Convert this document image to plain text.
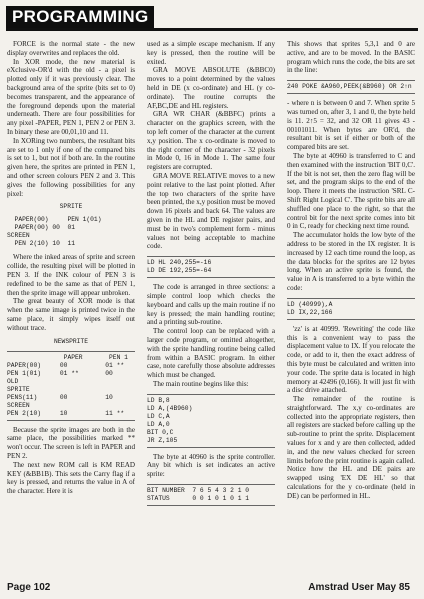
PROGRAMMING

FORCE is the normal state - the new display overwrites and replaces the old.

In XOR mode, the new material is eXclusive-OR'd with the old - a pixel is plotted only if it was previously clear. The background area of the sprite (bits set to 0) becomes transparent, and the appearance of the foreground depends upon the material underneath. There are four possibilities for any pixel -PAPER, PEN 1, PEN 2 or PEN 3. In binary these are 00,01,10 and 11.

In XORing two numbers, the resultant bits are set to 1 only if one of the compared bits is set to 1, but not if both are. In the routine given here, the sprites are printed in PEN 1, and other screen colours PEN 2 and 3. This gives the following possibilities for any pixel:

SPRITE
PAPER(00)     PEN 1(01)
PAPER(00) 00  01
SCREEN
PEN 2(10) 10  11

Where the inked areas of sprite and screen collide, the resulting pixel will be plotted in PEN 3. If the INK colour of PEN 3 is redefined to be the same as that of PEN 1, then the sprite image will appear unbroken.

The great beauty of XOR mode is that when the same image is printed twice in the same place, it simply wipes itself out without trace.

NEWSPRITE
PAPER       PEN 1
PAPER(00)     00          01 **
PEN 1(01)     01 **       00
OLD
SPRITE
PENS(11)      00          10
SCREEN
PEN 2(10)     10          11 **

Because the sprite images are both in the same place, the possibilities marked ** won't occur. The screen is left in PAPER and PEN 2.

The next new ROM call is KM READ KEY (&BB1B). This sets the Carry flag if a key is pressed, and returns the value in A of the character. Here it is

used as a simple escape mechanism. If any key is pressed, then the routine will be exited.

GRA MOVE ABSOLUTE (&BBC0) moves to a point determined by the values held in DE (x co-ordinate) and HL (y co-ordinate). The routine corrupts the AF,BC,DE and HL registers.

GRA WR CHAR (&BBFC) prints a character on the graphics screen, with the top left corner of the character at the current x,y position. The x co-ordinate is moved to the right corner of the character - 32 pixels in Mode 0, 16 in Mode 1. The same four registers are corrupted.

GRA MOVE RELATIVE moves to a new point relative to the last point plotted. After the top two characters of the sprite have been printed, the x,y position must be moved down 16 pixels and back 64. The values are given in the HL and DE register pairs, and must be in two's complement form - minus values not being acceptable to machine code.

LD HL 240,255=-16
LD DE 192,255=-64

The code is arranged in three sections: a simple control loop which checks the keyboard and calls up the main routine if no key is pressed; the main handling routine; and a printing sub-routine.

The control loop can be replaced with a larger code program, or omitted altogether, with the sprite handling routine being called from within a BASIC program. In either case, note carefully those absolute addresses which must be changed.

The main routine begins like this:

LD B,8
LD A,(4B960)
LD C,A
LD A,0
BIT 0,C
JR Z,105

The byte at 40960 is the sprite controller. Any bit which is set indicates an active sprite:

BIT NUMBER  7 6 5 4 3 2 1 0
STATUS      0 0 1 0 1 0 1 1

This shows that sprites 5,3,1 and 0 are active, and are to be moved. In the BASIC program which runs the code, the bits are set in the line:

240 POKE &A960,PEEK(&B960) OR 2↑n

- where n is between 0 and 7. When sprite 5 was turned on, after 3, 1 and 0, the byte held is 11. 2↑5 = 32, and 32 OR 11 gives 43 - 00101011. When bytes are OR'd, the resultant bit is set if either or both of the compared bits are set.

The byte at 40960 is transferred to C and then examined with the instruction 'BIT 0,C'. If the bit is not set, then the zero flag will be set, and the program skips to the end of the loop. There it meets the instruction 'SRL C-Shift Right Logical C'. The sprite bits are all shuffled one place to the right, so that the control bit for the next sprite comes into bit 0 in C, ready for checking next time round.

The accumulator holds the low byte of the address to be stored in the IX register. It is increased by 12 each time round the loop, as the data blocks for the sprites are 12 bytes long. When an active sprite is found, the value in A is transferred to a byte within the code:

LD (40999),A
LD IX,22,166

'zz' is at 40999. 'Rewriting' the code like this is a convenient way to pass the displacement value to IX. If you relocate the code, or add to it, then the exact address of this byte must be calculated and written into your code. The sprite data is located in high memory at 42496 (0,166). It will just fit with a disc drive attached.

The remainder of the routine is straightforward. The x,y co-ordinates are collected into the appropriate registers, then all registers are stacked before calling up the sub-routine to print the sprite. Displacement values for x and y are then collected, added in, and the new values checked for screen limits before the print routine is again called. Notice how the HL and DE pairs are swapped using 'EX DE HL' so that calculations for the y co-ordinate (held in DE) can be performed in HL.

Page 102	Amstrad User May 85
